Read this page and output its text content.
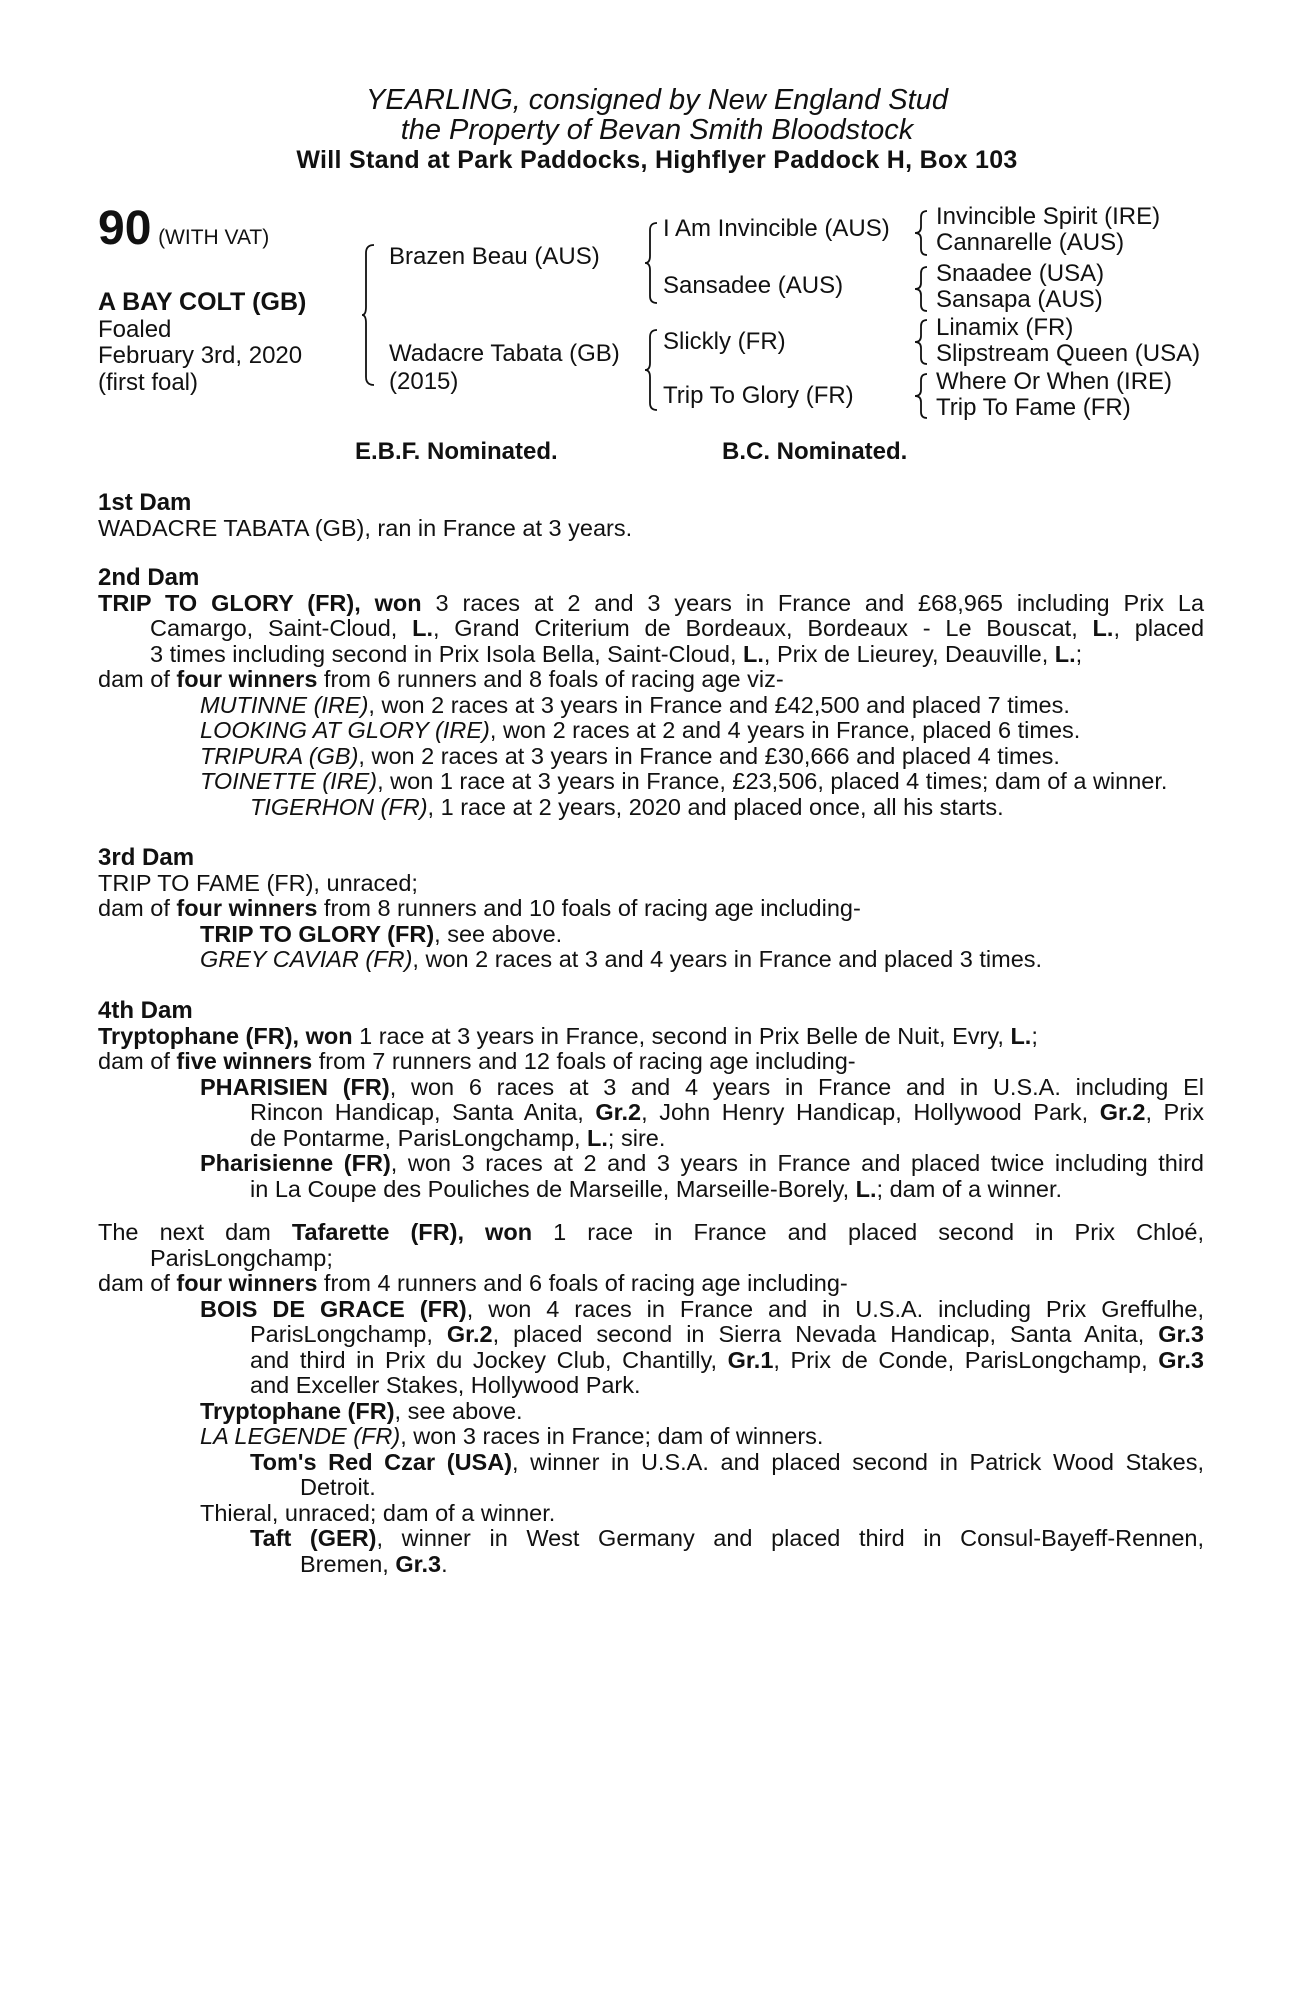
YEARLING, consigned by New England Stud
the Property of Bevan Smith Bloodstock
Will Stand at Park Paddocks, Highflyer Paddock H, Box 103
90 (WITH VAT)
A BAY COLT (GB)
Foaled
February 3rd, 2020
(first foal)
Brazen Beau (AUS)
Wadacre Tabata (GB)
(2015)
I Am Invincible (AUS)
Sansadee (AUS)
Slickly (FR)
Trip To Glory (FR)
Invincible Spirit (IRE)
Cannarelle (AUS)
Snaadee (USA)
Sansapa (AUS)
Linamix (FR)
Slipstream Queen (USA)
Where Or When (IRE)
Trip To Fame (FR)
E.B.F. Nominated.	B.C. Nominated.
1st Dam
WADACRE TABATA (GB), ran in France at 3 years.
2nd Dam
TRIP TO GLORY (FR), won 3 races at 2 and 3 years in France and £68,965 including Prix La
Camargo, Saint-Cloud, L., Grand Criterium de Bordeaux, Bordeaux - Le Bouscat, L., placed
3 times including second in Prix Isola Bella, Saint-Cloud, L., Prix de Lieurey, Deauville, L.;
dam of four winners from 6 runners and 8 foals of racing age viz-
MUTINNE (IRE), won 2 races at 3 years in France and £42,500 and placed 7 times.
LOOKING AT GLORY (IRE), won 2 races at 2 and 4 years in France, placed 6 times.
TRIPURA (GB), won 2 races at 3 years in France and £30,666 and placed 4 times.
TOINETTE (IRE), won 1 race at 3 years in France, £23,506, placed 4 times; dam of a winner.
TIGERHON (FR), 1 race at 2 years, 2020 and placed once, all his starts.
3rd Dam
TRIP TO FAME (FR), unraced;
dam of four winners from 8 runners and 10 foals of racing age including-
TRIP TO GLORY (FR), see above.
GREY CAVIAR (FR), won 2 races at 3 and 4 years in France and placed 3 times.
4th Dam
Tryptophane (FR), won 1 race at 3 years in France, second in Prix Belle de Nuit, Evry, L.;
dam of five winners from 7 runners and 12 foals of racing age including-
PHARISIEN (FR), won 6 races at 3 and 4 years in France and in U.S.A. including El
Rincon Handicap, Santa Anita, Gr.2, John Henry Handicap, Hollywood Park, Gr.2, Prix
de Pontarme, ParisLongchamp, L.; sire.
Pharisienne (FR), won 3 races at 2 and 3 years in France and placed twice including third
in La Coupe des Pouliches de Marseille, Marseille-Borely, L.; dam of a winner.
The next dam Tafarette (FR), won 1 race in France and placed second in Prix Chloé,
ParisLongchamp;
dam of four winners from 4 runners and 6 foals of racing age including-
BOIS DE GRACE (FR), won 4 races in France and in U.S.A. including Prix Greffulhe,
ParisLongchamp, Gr.2, placed second in Sierra Nevada Handicap, Santa Anita, Gr.3
and third in Prix du Jockey Club, Chantilly, Gr.1, Prix de Conde, ParisLongchamp, Gr.3
and Exceller Stakes, Hollywood Park.
Tryptophane (FR), see above.
LA LEGENDE (FR), won 3 races in France; dam of winners.
Tom's Red Czar (USA), winner in U.S.A. and placed second in Patrick Wood Stakes,
Detroit.
Thieral, unraced; dam of a winner.
Taft (GER), winner in West Germany and placed third in Consul-Bayeff-Rennen,
Bremen, Gr.3.
